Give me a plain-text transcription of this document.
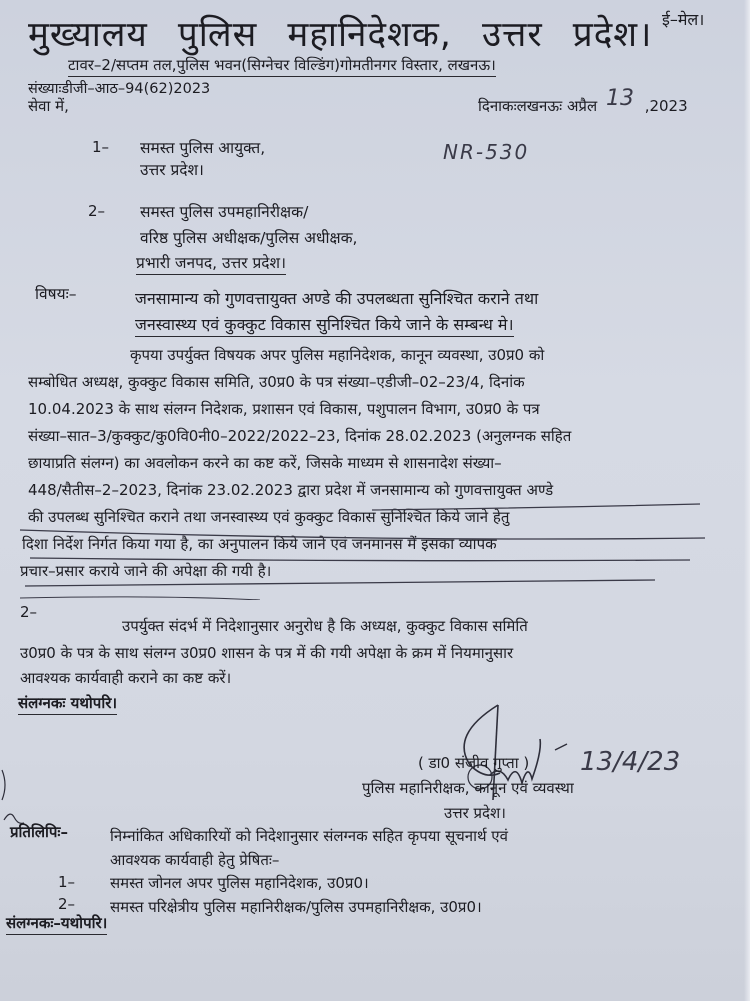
मुख्यालय पुलिस महानिदेशक, उत्तर प्रदेश। ई–मेल।
टावर–2/सप्तम तल,पुलिस भवन(सिग्नेचर विल्डिंग)गोमतीनगर विस्तार, लखनऊ।
संख्याःडीजी–आठ–94(62)2023
सेवा में,	दिनाकःलखनऊः अप्रैल	,2023
13
NR-530
1– समस्त पुलिस आयुक्त,
उत्तर प्रदेश।
2– समस्त पुलिस उपमहानिरीक्षक/
वरिष्ठ पुलिस अधीक्षक/पुलिस अधीक्षक,
प्रभारी जनपद, उत्तर प्रदेश।
विषयः–	जनसामान्य को गुणवत्तायुक्त अण्डे की उपलब्धता सुनिश्चित कराने तथा
जनस्वास्थ्य एवं कुक्कुट विकास सुनिश्चित किये जाने के सम्बन्ध मे।
कृपया उपर्युक्त विषयक अपर पुलिस महानिदेशक, कानून व्यवस्था, उ0प्र0 को
सम्बोधित अध्यक्ष, कुक्कुट विकास समिति, उ0प्र0 के पत्र संख्या–एडीजी–02–23/4, दिनांक
10.04.2023 के साथ संलग्न निदेशक, प्रशासन एवं विकास, पशुपालन विभाग, उ0प्र0 के पत्र
संख्या–सात–3/कुक्कुट/कु0वि0नी0–2022/2022–23, दिनांक 28.02.2023 (अनुलग्नक सहित
छायाप्रति संलग्न) का अवलोकन करने का कष्ट करें, जिसके माध्यम से शासनादेश संख्या–
448/सैतीस–2–2023, दिनांक 23.02.2023 द्वारा प्रदेश में जनसामान्य को गुणवत्तायुक्त अण्डे
की उपलब्ध सुनिश्चित कराने तथा जनस्वास्थ्य एवं कुक्कुट विकास सुनिश्चित किये जाने हेतु
दिशा निर्देश निर्गत किया गया है, का अनुपालन किये जाने एवं जनमानस में इसका व्यापक
प्रचार–प्रसार कराये जाने की अपेक्षा की गयी है।
2–
उपर्युक्त संदर्भ में निदेशानुसार अनुरोध है कि अध्यक्ष, कुक्कुट विकास समिति
उ0प्र0 के पत्र के साथ संलग्न उ0प्र0 शासन के पत्र में की गयी अपेक्षा के क्रम में नियमानुसार
आवश्यक कार्यवाही कराने का कष्ट करें।
संलग्नकः यथोपरि।
( डा0 संजीव गुप्ता )
पुलिस महानिरीक्षक, कानून एवं व्यवस्था
उत्तर प्रदेश।
13/4/23
प्रतिलिपिः–	निम्नांकित अधिकारियों को निदेशानुसार संलग्नक सहित कृपया सूचनार्थ एवं
आवश्यक कार्यवाही हेतु प्रेषितः–
1– समस्त जोनल अपर पुलिस महानिदेशक, उ0प्र0।
2– समस्त परिक्षेत्रीय पुलिस महानिरीक्षक/पुलिस उपमहानिरीक्षक, उ0प्र0।
संलग्नकः–यथोपरि।
